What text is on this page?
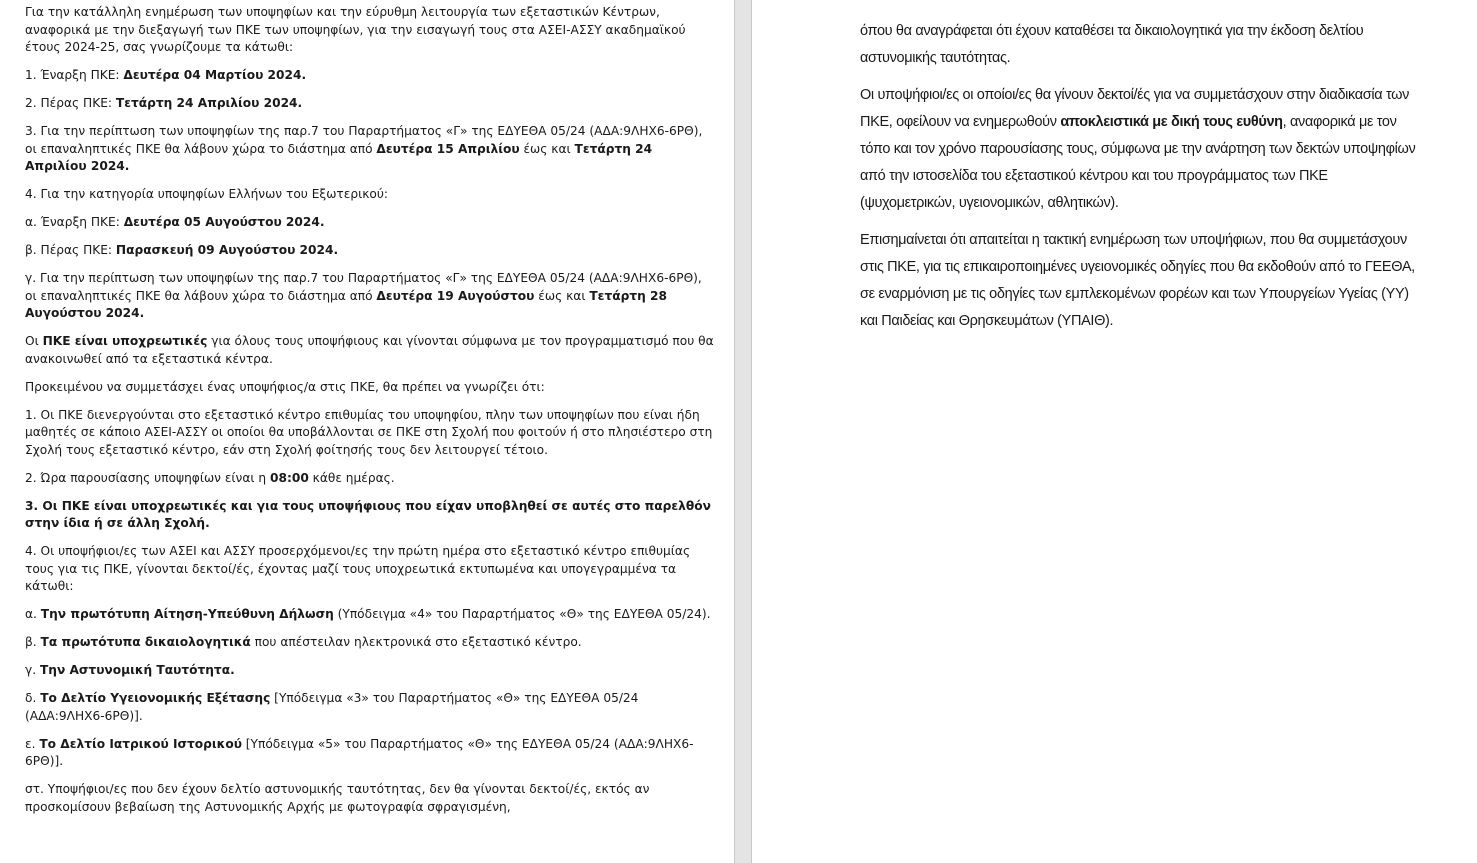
Για την κατάλληλη ενημέρωση των υποψηφίων και την εύρυθμη λειτουργία των εξεταστικών Κέντρων, αναφορικά με την διεξαγωγή των ΠΚΕ των υποψηφίων, για την εισαγωγή τους στα ΑΣΕΙ-ΑΣΣΥ ακαδημαϊκού έτους 2024-25, σας γνωρίζουμε τα κάτωθι:

1. Έναρξη ΠΚΕ: Δευτέρα 04 Μαρτίου 2024.

2. Πέρας ΠΚΕ: Τετάρτη 24 Απριλίου 2024.

3. Για την περίπτωση των υποψηφίων της παρ.7 του Παραρτήματος «Γ» της ΕΔΥΕΘΑ 05/24 (ΑΔΑ:9ΛΗΧ6-6ΡΘ), οι επαναληπτικές ΠΚΕ θα λάβουν χώρα το διάστημα από Δευτέρα 15 Απριλίου έως και Τετάρτη 24 Απριλίου 2024.

4. Για την κατηγορία υποψηφίων Ελλήνων του Εξωτερικού:

α. Έναρξη ΠΚΕ: Δευτέρα 05 Αυγούστου 2024.

β. Πέρας ΠΚΕ: Παρασκευή 09 Αυγούστου 2024.

γ. Για την περίπτωση των υποψηφίων της παρ.7 του Παραρτήματος «Γ» της ΕΔΥΕΘΑ 05/24 (ΑΔΑ:9ΛΗΧ6-6ΡΘ), οι επαναληπτικές ΠΚΕ θα λάβουν χώρα το διάστημα από Δευτέρα 19 Αυγούστου έως και Τετάρτη 28 Αυγούστου 2024.

Οι ΠΚΕ είναι υποχρεωτικές για όλους τους υποψήφιους και γίνονται σύμφωνα με τον προγραμματισμό που θα ανακοινωθεί από τα εξεταστικά κέντρα.

Προκειμένου να συμμετάσχει ένας υποψήφιος/α στις ΠΚΕ, θα πρέπει να γνωρίζει ότι:

1. Οι ΠΚΕ διενεργούνται στο εξεταστικό κέντρο επιθυμίας του υποψηφίου, πλην των υποψηφίων που είναι ήδη μαθητές σε κάποιο ΑΣΕΙ-ΑΣΣΥ οι οποίοι θα υποβάλλονται σε ΠΚΕ στη Σχολή που φοιτούν ή στο πλησιέστερο στη Σχολή τους εξεταστικό κέντρο, εάν στη Σχολή φοίτησής τους δεν λειτουργεί τέτοιο.

2. Ώρα παρουσίασης υποψηφίων είναι η 08:00 κάθε ημέρας.

3. Οι ΠΚΕ είναι υποχρεωτικές και για τους υποψήφιους που είχαν υποβληθεί σε αυτές στο παρελθόν στην ίδια ή σε άλλη Σχολή.

4. Οι υποψήφιοι/ες των ΑΣΕΙ και ΑΣΣΥ προσερχόμενοι/ες την πρώτη ημέρα στο εξεταστικό κέντρο επιθυμίας τους για τις ΠΚΕ, γίνονται δεκτοί/ές, έχοντας μαζί τους υποχρεωτικά εκτυπωμένα και υπογεγραμμένα τα κάτωθι:

α. Την πρωτότυπη Αίτηση-Υπεύθυνη Δήλωση (Υπόδειγμα «4» του Παραρτήματος «Θ» της ΕΔΥΕΘΑ 05/24).

β. Τα πρωτότυπα δικαιολογητικά που απέστειλαν ηλεκτρονικά στο εξεταστικό κέντρο.

γ. Την Αστυνομική Ταυτότητα.

δ. Το Δελτίο Υγειονομικής Εξέτασης [Υπόδειγμα «3» του Παραρτήματος «Θ» της ΕΔΥΕΘΑ 05/24 (ΑΔΑ:9ΛΗΧ6-6ΡΘ)].

ε. Το Δελτίο Ιατρικού Ιστορικού [Υπόδειγμα «5» του Παραρτήματος «Θ» της ΕΔΥΕΘΑ 05/24 (ΑΔΑ:9ΛΗΧ6-6ΡΘ)].

στ. Υποψήφιοι/ες που δεν έχουν δελτίο αστυνομικής ταυτότητας, δεν θα γίνονται δεκτοί/ές, εκτός αν προσκομίσουν βεβαίωση της Αστυνομικής Αρχής με φωτογραφία σφραγισμένη,

όπου θα αναγράφεται ότι έχουν καταθέσει τα δικαιολογητικά για την έκδοση δελτίου αστυνομικής ταυτότητας.

Οι υποψήφιοι/ες οι οποίοι/ες θα γίνουν δεκτοί/ές για να συμμετάσχουν στην διαδικασία των ΠΚΕ, οφείλουν να ενημερωθούν αποκλειστικά με δική τους ευθύνη, αναφορικά με τον τόπο και τον χρόνο παρουσίασης τους, σύμφωνα με την ανάρτηση των δεκτών υποψηφίων από την ιστοσελίδα του εξεταστικού κέντρου και του προγράμματος των ΠΚΕ (ψυχομετρικών, υγειονομικών, αθλητικών).

Επισημαίνεται ότι απαιτείται η τακτική ενημέρωση των υποψήφιων, που θα συμμετάσχουν στις ΠΚΕ, για τις επικαιροποιημένες υγειονομικές οδηγίες που θα εκδοθούν από το ΓΕΕΘΑ, σε εναρμόνιση με τις οδηγίες των εμπλεκομένων φορέων και των Υπουργείων Υγείας (ΥΥ) και Παιδείας και Θρησκευμάτων (ΥΠΑΙΘ).
